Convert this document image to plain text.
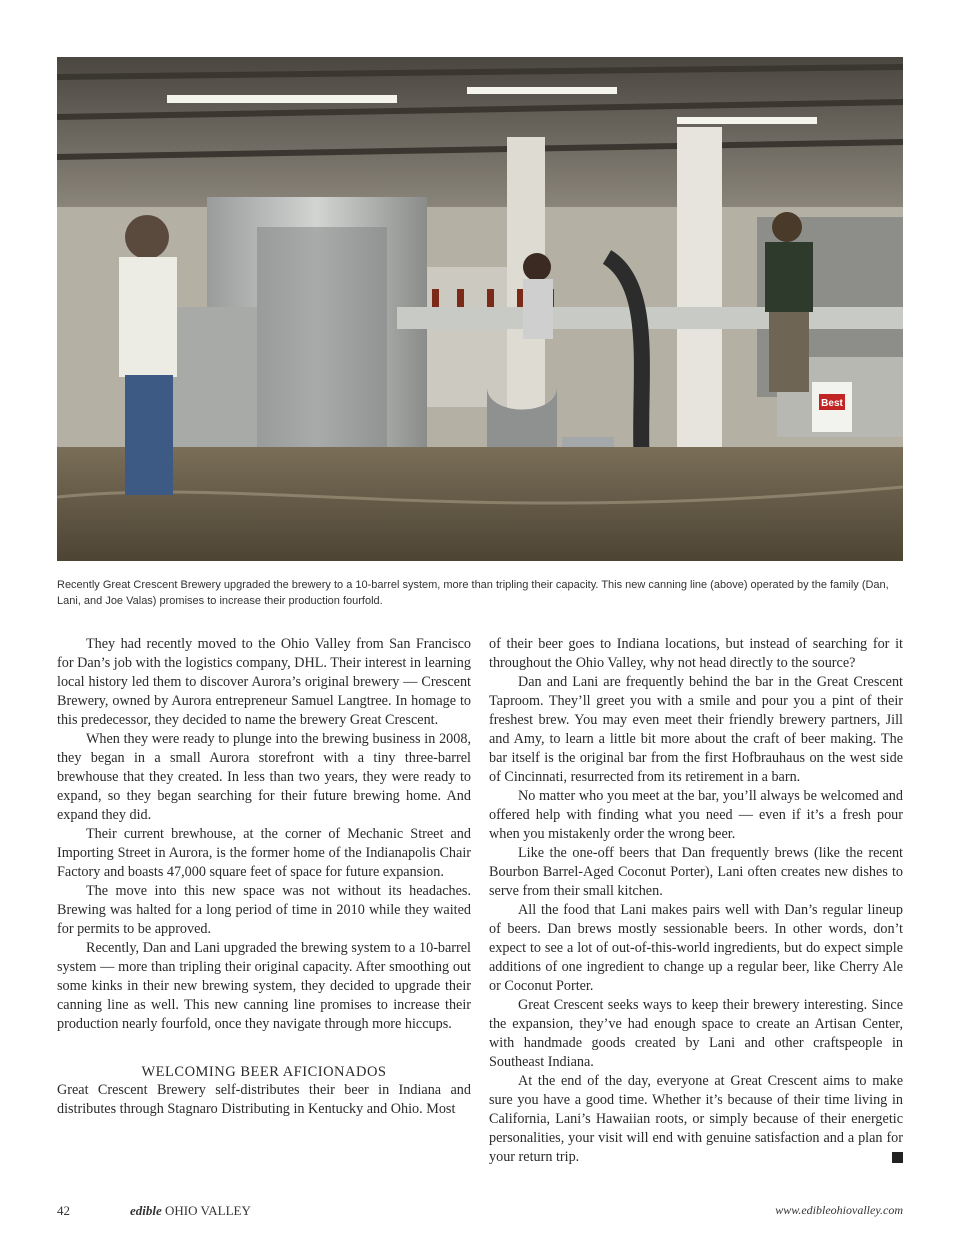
Best
Recently Great Crescent Brewery upgraded the brewery to a 10-barrel system, more than tripling their capacity. This new canning line (above) operated by the family (Dan, Lani, and Joe Valas) promises to increase their production fourfold.

They had recently moved to the Ohio Valley from San Francisco for Dan’s job with the logistics company, DHL. Their interest in learning local history led them to discover Aurora’s original brewery — Crescent Brewery, owned by Aurora entrepreneur Samuel Langtree. In homage to this predecessor, they decided to name the brewery Great Crescent.

When they were ready to plunge into the brewing business in 2008, they began in a small Aurora storefront with a tiny three-barrel brewhouse that they created. In less than two years, they were ready to expand, so they began searching for their future brewing home. And expand they did.

Their current brewhouse, at the corner of Mechanic Street and Importing Street in Aurora, is the former home of the Indianapolis Chair Factory and boasts 47,000 square feet of space for future expansion.

The move into this new space was not without its headaches. Brewing was halted for a long period of time in 2010 while they waited for permits to be approved.

Recently, Dan and Lani upgraded the brewing system to a 10-barrel system — more than tripling their original capacity. After smoothing out some kinks in their new brewing system, they decided to upgrade their canning line as well. This new canning line promises to increase their production nearly fourfold, once they navigate through more hiccups.

WELCOMING BEER AFICIONADOS

Great Crescent Brewery self-distributes their beer in Indiana and distributes through Stagnaro Distributing in Kentucky and Ohio. Most

of their beer goes to Indiana locations, but instead of searching for it throughout the Ohio Valley, why not head directly to the source?

Dan and Lani are frequently behind the bar in the Great Crescent Taproom. They’ll greet you with a smile and pour you a pint of their freshest brew. You may even meet their friendly brewery partners, Jill and Amy, to learn a little bit more about the craft of beer making. The bar itself is the original bar from the first Hofbrauhaus on the west side of Cincinnati, resurrected from its retirement in a barn.

No matter who you meet at the bar, you’ll always be welcomed and offered help with finding what you need — even if it’s a fresh pour when you mistakenly order the wrong beer.

Like the one-off beers that Dan frequently brews (like the recent Bourbon Barrel-Aged Coconut Porter), Lani often creates new dishes to serve from their small kitchen.

All the food that Lani makes pairs well with Dan’s regular lineup of beers. Dan brews mostly sessionable beers. In other words, don’t expect to see a lot of out-of-this-world ingredients, but do expect simple additions of one ingredient to change up a regular beer, like Cherry Ale or Coconut Porter.

Great Crescent seeks ways to keep their brewery interesting. Since the expansion, they’ve had enough space to create an Artisan Center, with handmade goods created by Lani and other craftspeople in Southeast Indiana.

At the end of the day, everyone at Great Crescent aims to make sure you have a good time. Whether it’s because of their time living in California, Lani’s Hawaiian roots, or simply because of their energetic personalities, your visit will end with genuine satisfaction and a plan for your return trip.

42	edible OHIO VALLEY	www.edibleohiovalley.com
